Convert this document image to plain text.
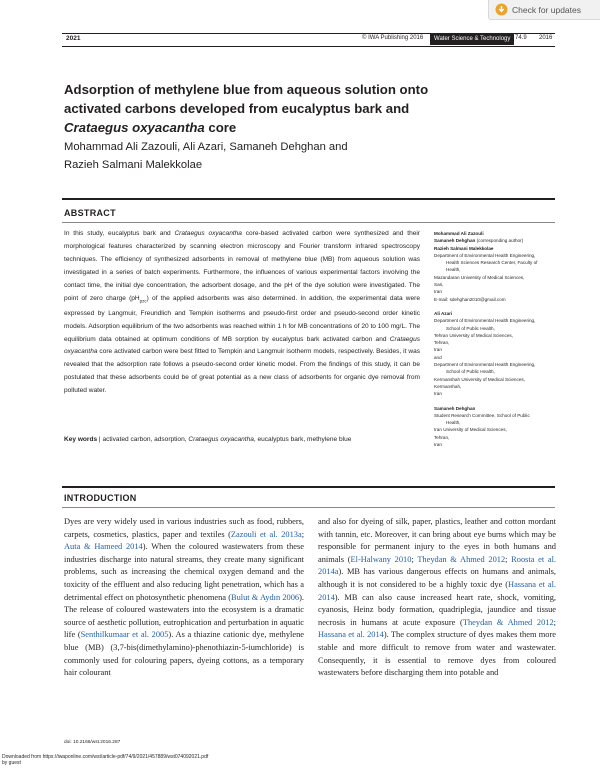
Check for updates
2021	© IWA Publishing 2016	Water Science & Technology 74.9 2016
Adsorption of methylene blue from aqueous solution onto
activated carbons developed from eucalyptus bark and
Crataegus oxyacantha core
Mohammad Ali Zazouli, Ali Azari, Samaneh Dehghan and
Razieh Salmani Malekkolae
ABSTRACT
In this study, eucalyptus bark and Crataegus oxyacantha core-based activated carbon were synthesized and their morphological features characterized by scanning electron microscopy and Fourier transform infrared spectroscopy techniques. The efficiency of synthesized adsorbents in removal of methylene blue (MB) from aqueous solution was investigated in a series of batch experiments. Furthermore, the influences of various experimental factors involving the contact time, the initial dye concentration, the adsorbent dosage, and the pH of the dye solution were investigated. The point of zero charge $(pH_{pzc})$ of the applied adsorbents was also determined. In addition, the experimental data were expressed by Langmuir, Freundlich and Tempkin isotherms and pseudo-first order and pseudo-second order kinetic models. Adsorption equilibrium of the two adsorbents was reached within 1 h for MB concentrations of 20 to 100 mg/L. The equilibrium data obtained at optimum conditions of MB sorption by eucalyptus bark activated carbon and Crataegus oxyacantha core activated carbon were best fitted to Tempkin and Langmuir isotherm models, respectively. Besides, it was revealed that the adsorption rate follows a pseudo-second order kinetic model. From the findings of this study, it can be postulated that these adsorbents could be of great potential as a new class of adsorbents for organic dye removal from polluted water.
Key words | activated carbon, adsorption, Crataegus oxyacantha, eucalyptus bark, methylene blue
Mohammad Ali Zazouli
Samaneh Dehghan (corresponding author)
Razieh Salmani Malekkolae
Department of Environmental Health Engineering,
Health Sciences Research Center, Faculty of
Health,
Mazandaran University of Medical Sciences,
Sari,
Iran
E-mail: sdehghan2010@gmail.com
Ali Azari
Department of Environmental Health Engineering,
School of Public Health,
Tehran University of Medical Sciences,
Tehran,
Iran
and
Department of Environmental Health Engineering,
School of Public Health,
Kermanshah University of Medical Sciences,
Kermanshah,
Iran
Samaneh Dehghan
Student Research Committee, School of Public
Health,
Iran University of Medical Sciences,
Tehran,
Iran
INTRODUCTION

Dyes are very widely used in various industries such as food, rubbers, carpets, cosmetics, plastics, paper and textiles (Zazouli et al. 2013a; Auta & Hameed 2014). When the coloured wastewaters from these industries discharge into natural streams, they create many significant problems, such as increasing the chemical oxygen demand and the toxicity of the effluent and also reducing light penetration, which has a detrimental effect on photosynthetic phenomena (Bulut & Aydın 2006). The release of coloured wastewaters into the ecosystem is a dramatic source of aesthetic pollution, eutrophication and perturbation in aquatic life (Senthilkumaar et al. 2005). As a thiazine cationic dye, methylene blue (MB) (3,7-bis(dimethylamino)-phenothiazin-5-iumchloride) is commonly used for colouring papers, dyeing cottons, as a temporary hair colourant

and also for dyeing of silk, paper, plastics, leather and cotton mordant with tannin, etc. Moreover, it can bring about eye burns which may be responsible for permanent injury to the eyes in both humans and animals (El-Halwany 2010; Theydan & Ahmed 2012; Roosta et al. 2014a). MB has various dangerous effects on humans and animals, although it is not considered to be a highly toxic dye (Hassana et al. 2014). MB can also cause increased heart rate, shock, vomiting, cyanosis, Heinz body formation, quadriplegia, jaundice and tissue necrosis in humans at acute exposure (Theydan & Ahmed 2012; Hassana et al. 2014). The complex structure of dyes makes them more stable and more difficult to remove from water and wastewater. Consequently, it is essential to remove dyes from coloured wastewaters before discharging them into potable and

doi: 10.2166/wst.2016.287
Downloaded from https://iwaponline.com/wst/article-pdf/74/9/2021/457889/wst074092021.pdf
by guest
